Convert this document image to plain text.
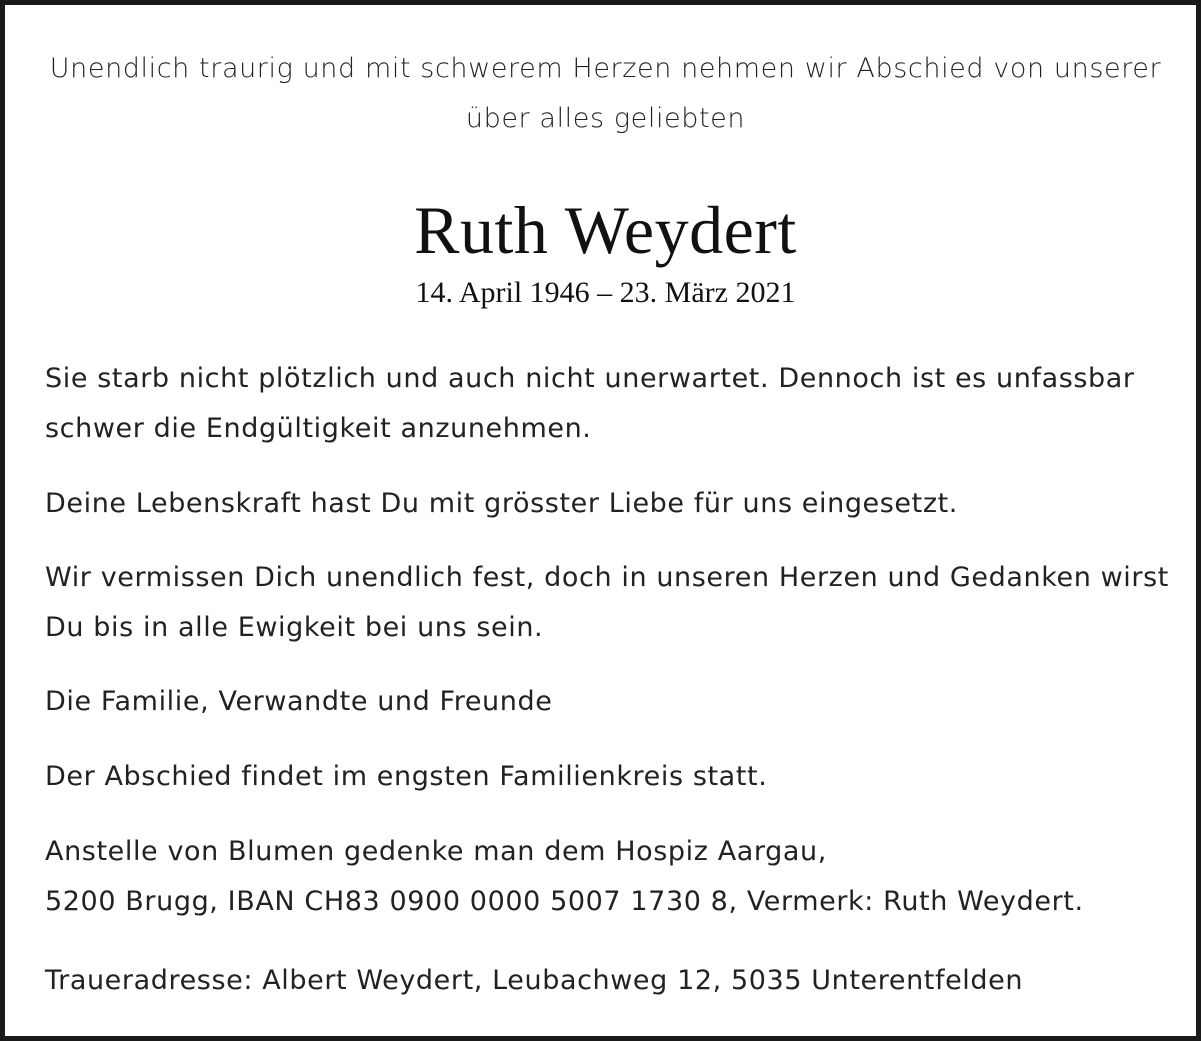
Unendlich traurig und mit schwerem Herzen nehmen wir Abschied von unserer
über alles geliebten
Ruth Weydert
14. April 1946 – 23. März 2021
Sie starb nicht plötzlich und auch nicht unerwartet. Dennoch ist es unfassbar
schwer die Endgültigkeit anzunehmen.
Deine Lebenskraft hast Du mit grösster Liebe für uns eingesetzt.
Wir vermissen Dich unendlich fest, doch in unseren Herzen und Gedanken wirst
Du bis in alle Ewigkeit bei uns sein.
Die Familie, Verwandte und Freunde
Der Abschied findet im engsten Familienkreis statt.
Anstelle von Blumen gedenke man dem Hospiz Aargau,
5200 Brugg, IBAN CH83 0900 0000 5007 1730 8, Vermerk: Ruth Weydert.
Traueradresse: Albert Weydert, Leubachweg 12, 5035 Unterentfelden
